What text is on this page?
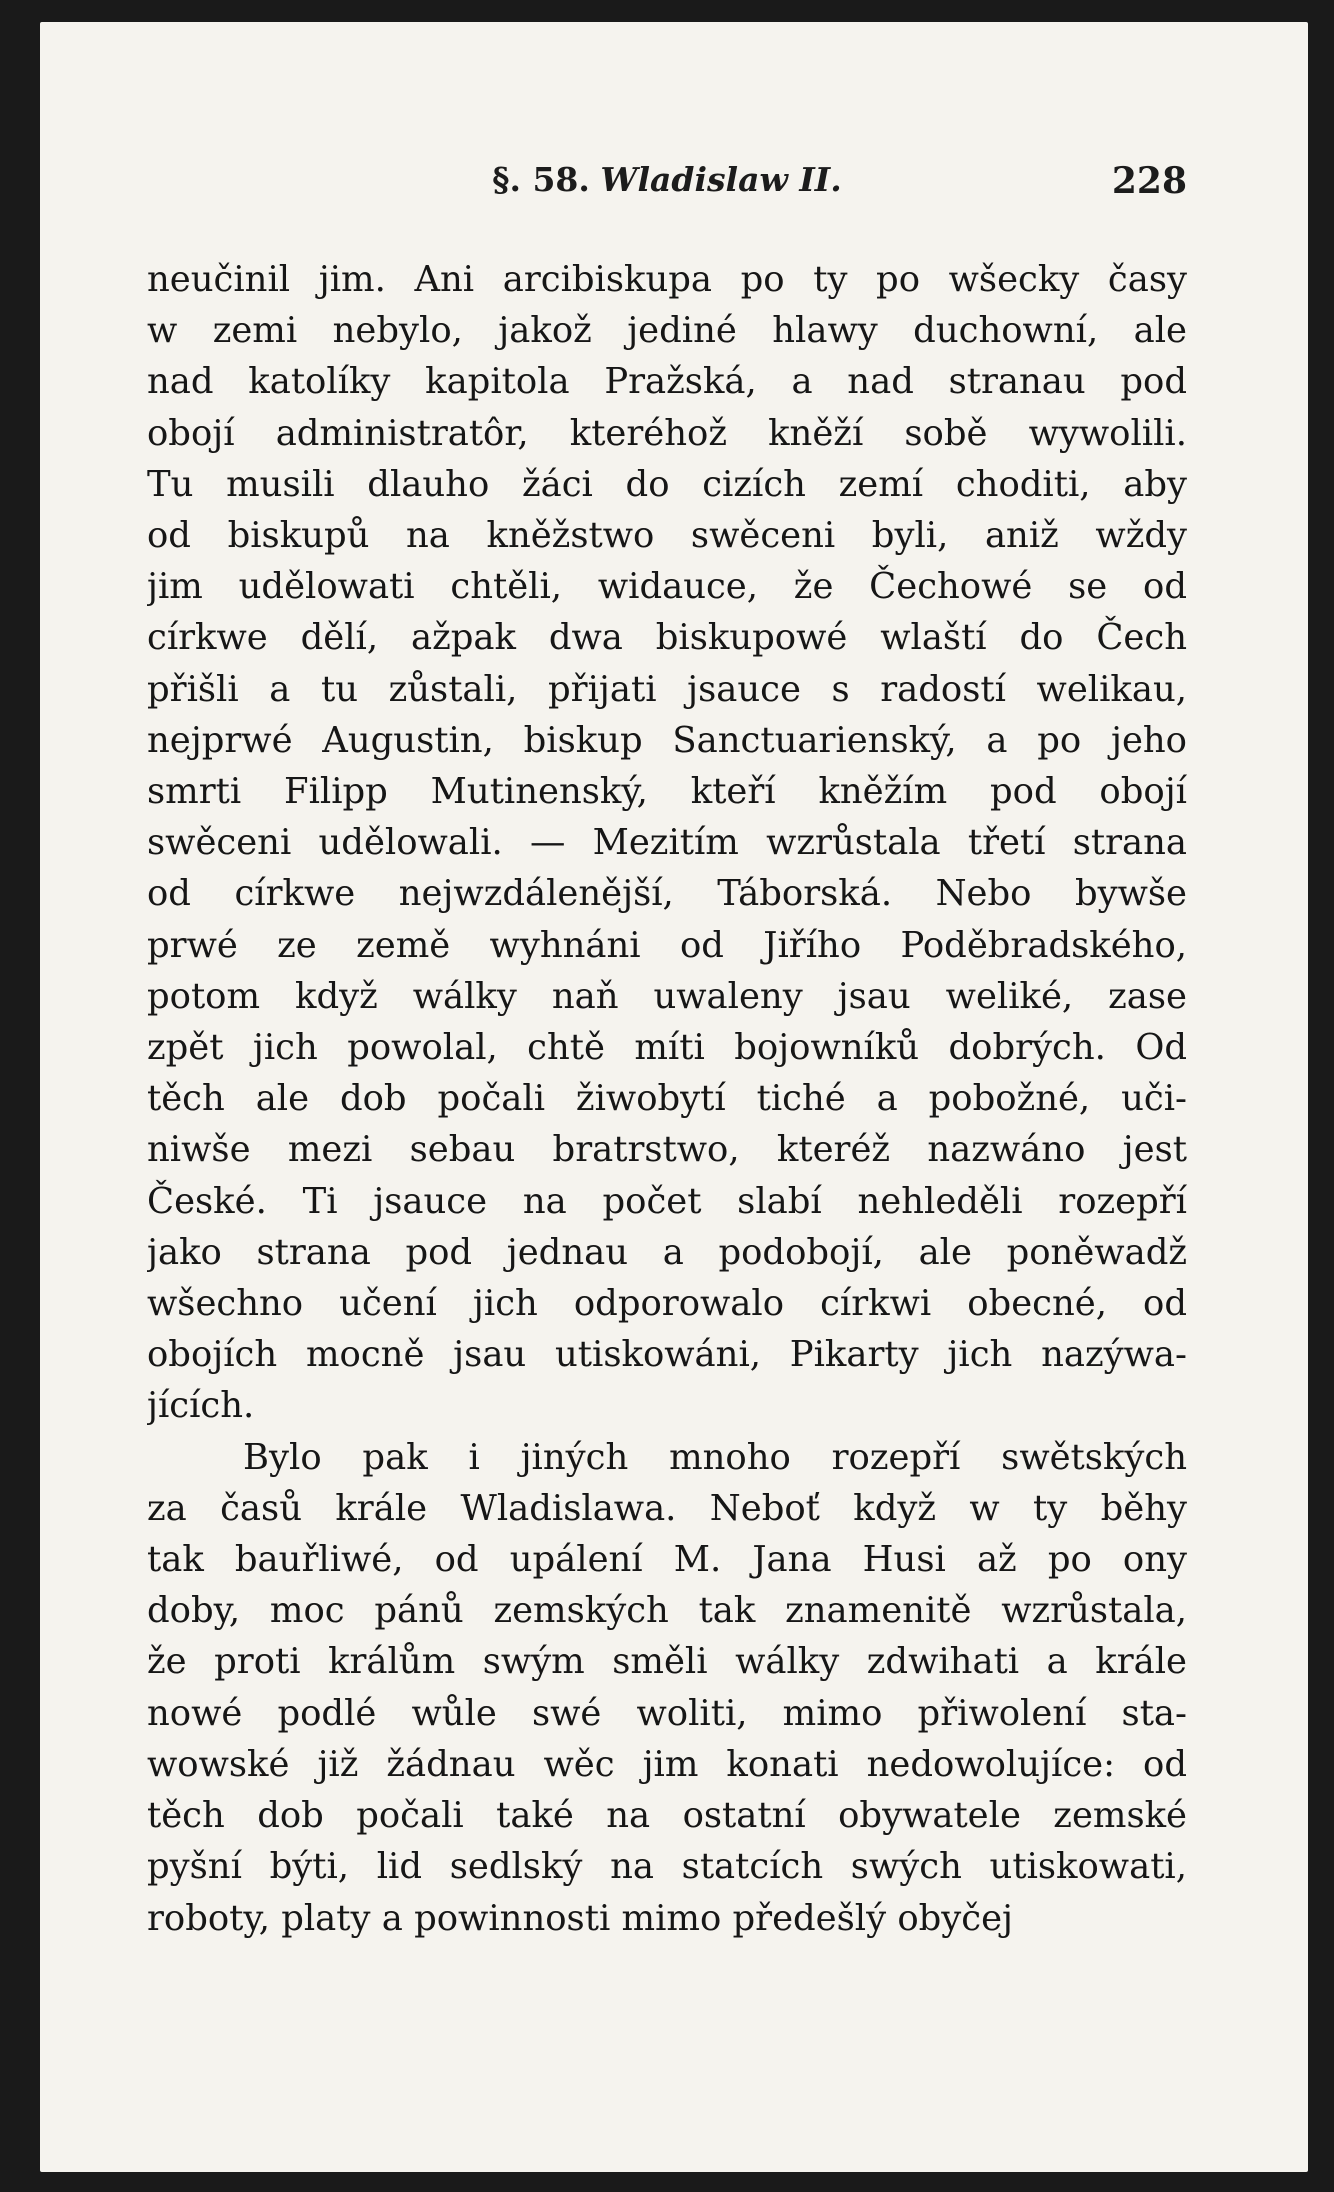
§. 58. Wladislaw II.	228
neučinil jim. Ani arcibiskupa po ty po wšecky časy
w zemi nebylo, jakož jediné hlawy duchowní, ale
nad katolíky kapitola Pražská, a nad stranau pod
obojí administratôr, kteréhož kněží sobě wywolili.
Tu musili dlauho žáci do cizích zemí choditi, aby
od biskupů na kněžstwo swěceni byli, aniž wždy
jim udělowati chtěli, widauce, že Čechowé se od
církwe dělí, ažpak dwa biskupowé wlaští do Čech
přišli a tu zůstali, přijati jsauce s radostí welikau,
nejprwé Augustin, biskup Sanctuarienský, a po jeho
smrti Filipp Mutinenský, kteří kněžím pod obojí
swěceni udělowali. — Mezitím wzrůstala třetí strana
od církwe nejwzdálenější, Táborská. Nebo bywše
prwé ze země wyhnáni od Jiřího Poděbradského,
potom když wálky naň uwaleny jsau weliké, zase
zpět jich powolal, chtě míti bojowníků dobrých. Od
těch ale dob počali žiwobytí tiché a pobožné, uči-
niwše mezi sebau bratrstwo, kteréž nazwáno jest
České. Ti jsauce na počet slabí nehleděli rozepří
jako strana pod jednau a podobojí, ale poněwadž
wšechno učení jich odporowalo církwi obecné, od
obojích mocně jsau utiskowáni, Pikarty jich nazýwa-
jících.
Bylo pak i jiných mnoho rozepří swětských
za časů krále Wladislawa. Neboť když w ty běhy
tak bauřliwé, od upálení M. Jana Husi až po ony
doby, moc pánů zemských tak znamenitě wzrůstala,
že proti králům swým směli wálky zdwihati a krále
nowé podlé wůle swé woliti, mimo přiwolení sta-
wowské již žádnau wěc jim konati nedowolujíce: od
těch dob počali také na ostatní obywatele zemské
pyšní býti, lid sedlský na statcích swých utiskowati,
roboty, platy a powinnosti mimo předešlý obyčej
